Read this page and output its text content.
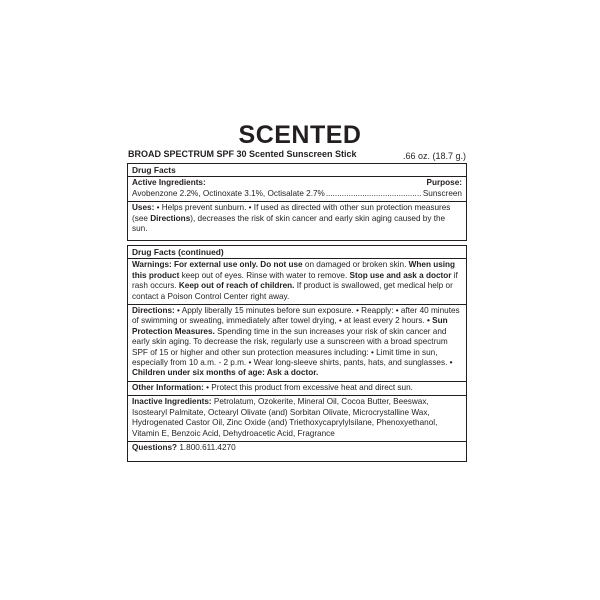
SCENTED
BROAD SPECTRUM SPF 30 Scented Sunscreen Stick	.66 oz. (18.7 g.)
Drug Facts
Active Ingredients:	Purpose:
Avobenzone 2.2%, Octinoxate 3.1%, Octisalate 2.7%
.....	Sunscreen
Uses: • Helps prevent sunburn. • If used as directed with other sun protection measures (see Directions), decreases the risk of skin cancer and early skin aging caused by the sun.
Drug Facts (continued)
Warnings: For external use only. Do not use on damaged or broken skin. When using this product keep out of eyes. Rinse with water to remove. Stop use and ask a doctor if rash occurs. Keep out of reach of children. If product is swallowed, get medical help or contact a Poison Control Center right away.
Directions: • Apply liberally 15 minutes before sun exposure. • Reapply: • after 40 minutes of swimming or sweating, immediately after towel drying, • at least every 2 hours. • Sun Protection Measures. Spending time in the sun increases your risk of skin cancer and early skin aging. To decrease the risk, regularly use a sunscreen with a broad spectrum SPF of 15 or higher and other sun protection measures including: • Limit time in sun, especially from 10 a.m. - 2 p.m. • Wear long-sleeve shirts, pants, hats, and sunglasses. • Children under six months of age: Ask a doctor.
Other Information: • Protect this product from excessive heat and direct sun.
Inactive Ingredients: Petrolatum, Ozokerite, Mineral Oil, Cocoa Butter, Beeswax, Isostearyl Palmitate, Octearyl Olivate (and) Sorbitan Olivate, Microcrystalline Wax, Hydrogenated Castor Oil, Zinc Oxide (and) Triethoxycaprylylsilane, Phenoxyethanol, Vitamin E, Benzoic Acid, Dehydroacetic Acid, Fragrance
Questions? 1.800.611.4270
